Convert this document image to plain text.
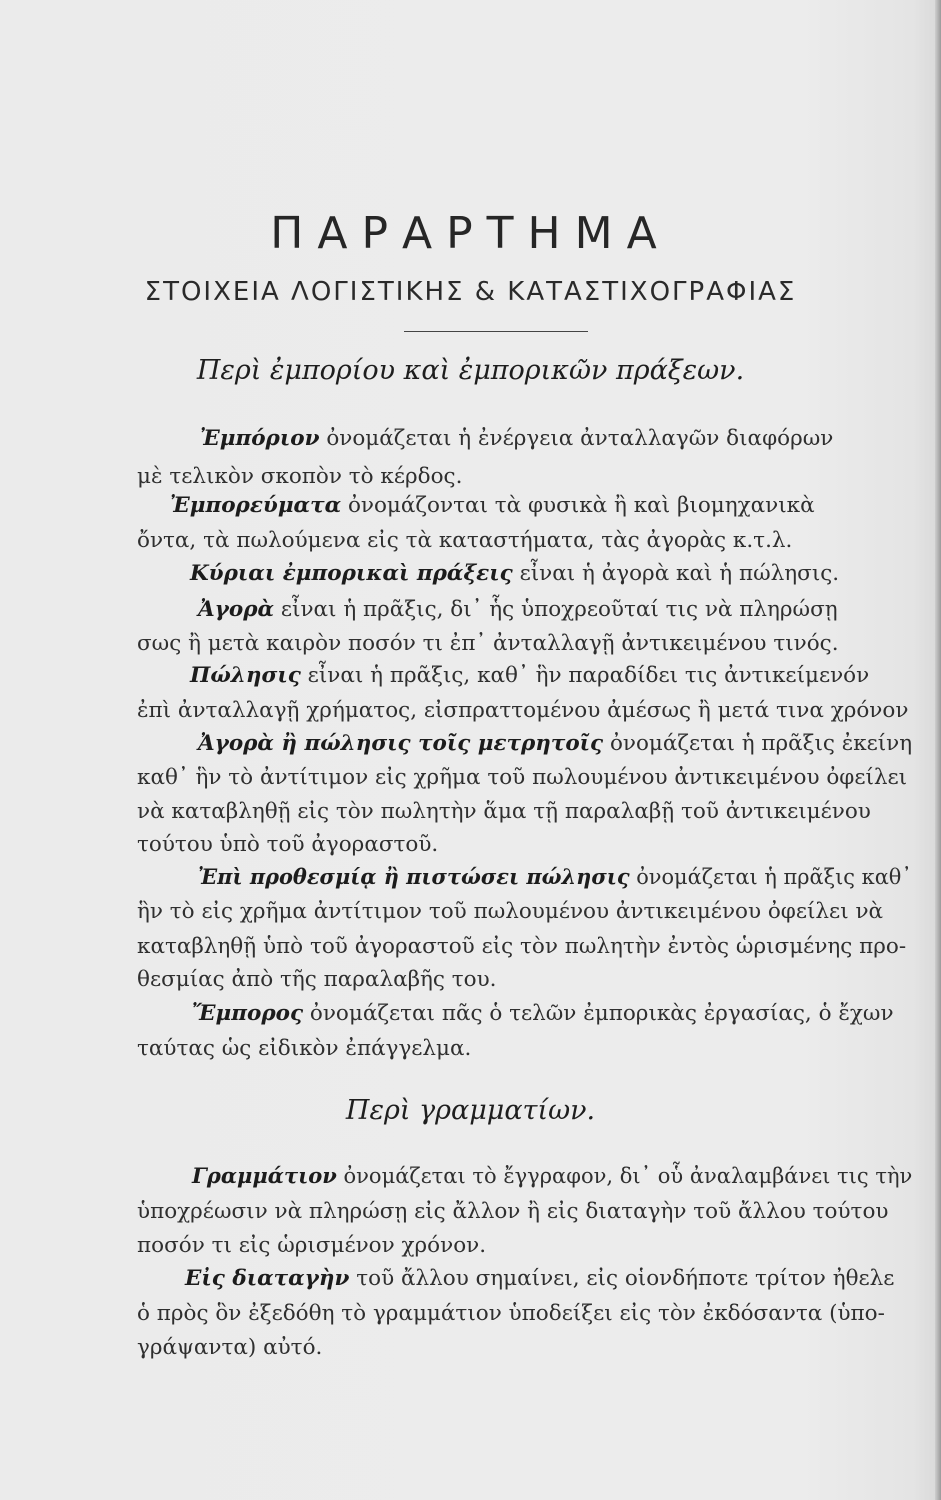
ΠΑΡΑΡΤΗΜΑ
ΣΤΟΙΧΕΙΑ ΛΟΓΙΣΤΙΚΗΣ & ΚΑΤΑΣΤΙΧΟΓΡΑΦΙΑΣ
Περὶ ἐμπορίου καὶ ἐμπορικῶν πράξεων.
Περὶ γραμματίων.
Ἐμπόριον ὀνομάζεται ἡ ἐνέργεια ἀνταλλαγῶν διαφόρων
μὲ τελικὸν σκοπὸν τὸ κέρδος.
Ἐμπορεύματα ὀνομάζονται τὰ φυσικὰ ἢ καὶ βιομηχανικὰ
ὄντα, τὰ πωλούμενα εἰς τὰ καταστήματα, τὰς ἀγορὰς κ.τ.λ.
Κύριαι ἐμπορικαὶ πράξεις εἶναι ἡ ἀγορὰ καὶ ἡ πώλησις.
Ἀγορὰ εἶναι ἡ πρᾶξις, δι᾿ ἧς ὑποχρεοῦταί τις νὰ πληρώσῃ
σως ἢ μετὰ καιρὸν ποσόν τι ἐπ᾿ ἀνταλλαγῇ ἀντικειμένου τινός.
Πώλησις εἶναι ἡ πρᾶξις, καθ᾿ ἣν παραδίδει τις ἀντικείμενόν
ἐπὶ ἀνταλλαγῇ χρήματος, εἰσπραττομένου ἀμέσως ἢ μετά τινα χρόνον
Ἀγορὰ ἢ πώλησις τοῖς μετρητοῖς ὀνομάζεται ἡ πρᾶξις ἐκείνη
καθ᾿ ἣν τὸ ἀντίτιμον εἰς χρῆμα τοῦ πωλουμένου ἀντικειμένου ὀφείλει
νὰ καταβληθῇ εἰς τὸν πωλητὴν ἅμα τῇ παραλαβῇ τοῦ ἀντικειμένου
τούτου ὑπὸ τοῦ ἀγοραστοῦ.
Ἐπὶ προθεσμίᾳ ἢ πιστώσει πώλησις ὀνομάζεται ἡ πρᾶξις καθ᾿
ἣν τὸ εἰς χρῆμα ἀντίτιμον τοῦ πωλουμένου ἀντικειμένου ὀφείλει νὰ
καταβληθῇ ὑπὸ τοῦ ἀγοραστοῦ εἰς τὸν πωλητὴν ἐντὸς ὡρισμένης προ-
θεσμίας ἀπὸ τῆς παραλαβῆς του.
Ἔμπορος ὀνομάζεται πᾶς ὁ τελῶν ἐμπορικὰς ἐργασίας, ὁ ἔχων
ταύτας ὡς εἰδικὸν ἐπάγγελμα.
Γραμμάτιον ὀνομάζεται τὸ ἔγγραφον, δι᾿ οὗ ἀναλαμβάνει τις τὴν
ὑποχρέωσιν νὰ πληρώσῃ εἰς ἄλλον ἢ εἰς διαταγὴν τοῦ ἄλλου τούτου
ποσόν τι εἰς ὡρισμένον χρόνον.
Εἰς διαταγὴν τοῦ ἄλλου σημαίνει, εἰς οἱονδήποτε τρίτον ἠθελε
ὁ πρὸς ὃν ἐξεδόθη τὸ γραμμάτιον ὑποδείξει εἰς τὸν ἐκδόσαντα (ὑπο-
γράψαντα) αὐτό.
